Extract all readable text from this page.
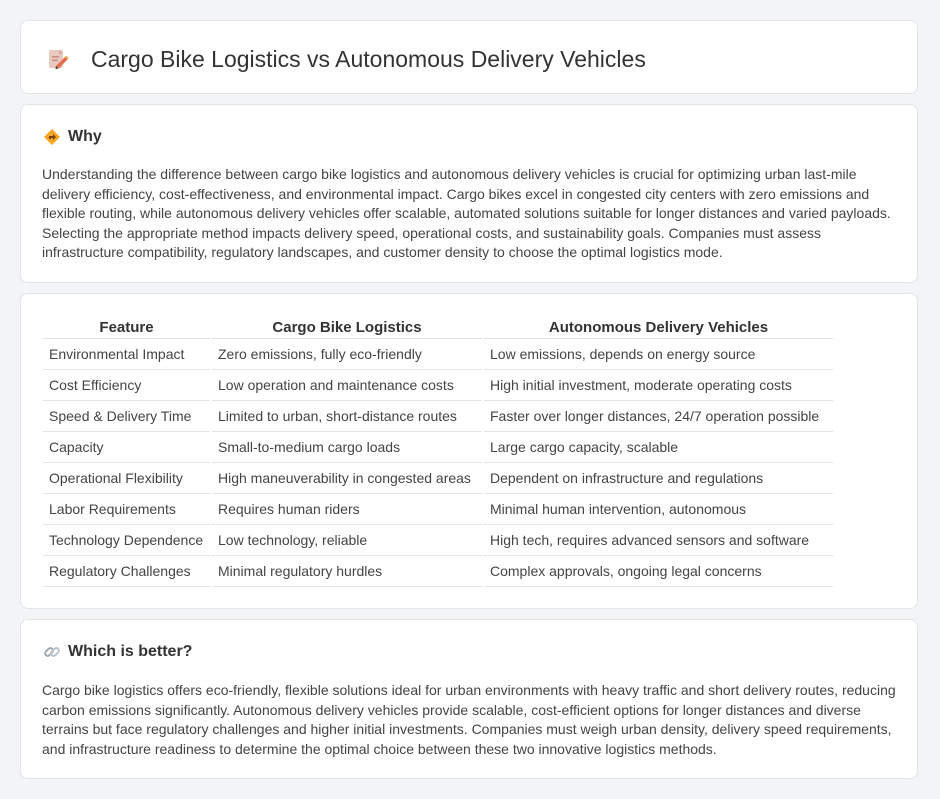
Cargo Bike Logistics vs Autonomous Delivery Vehicles
Why

Understanding the difference between cargo bike logistics and autonomous delivery vehicles is crucial for optimizing urban last-mile delivery efficiency, cost-effectiveness, and environmental impact. Cargo bikes excel in congested city centers with zero emissions and flexible routing, while autonomous delivery vehicles offer scalable, automated solutions suitable for longer distances and varied payloads. Selecting the appropriate method impacts delivery speed, operational costs, and sustainability goals. Companies must assess infrastructure compatibility, regulatory landscapes, and customer density to choose the optimal logistics mode.

Feature	Cargo Bike Logistics	Autonomous Delivery Vehicles
Environmental Impact	Zero emissions, fully eco-friendly	Low emissions, depends on energy source
Cost Efficiency	Low operation and maintenance costs	High initial investment, moderate operating costs
Speed & Delivery Time	Limited to urban, short-distance routes	Faster over longer distances, 24/7 operation possible
Capacity	Small-to-medium cargo loads	Large cargo capacity, scalable
Operational Flexibility	High maneuverability in congested areas	Dependent on infrastructure and regulations
Labor Requirements	Requires human riders	Minimal human intervention, autonomous
Technology Dependence	Low technology, reliable	High tech, requires advanced sensors and software
Regulatory Challenges	Minimal regulatory hurdles	Complex approvals, ongoing legal concerns
Which is better?

Cargo bike logistics offers eco-friendly, flexible solutions ideal for urban environments with heavy traffic and short delivery routes, reducing carbon emissions significantly. Autonomous delivery vehicles provide scalable, cost-efficient options for longer distances and diverse terrains but face regulatory challenges and higher initial investments. Companies must weigh urban density, delivery speed requirements, and infrastructure readiness to determine the optimal choice between these two innovative logistics methods.
